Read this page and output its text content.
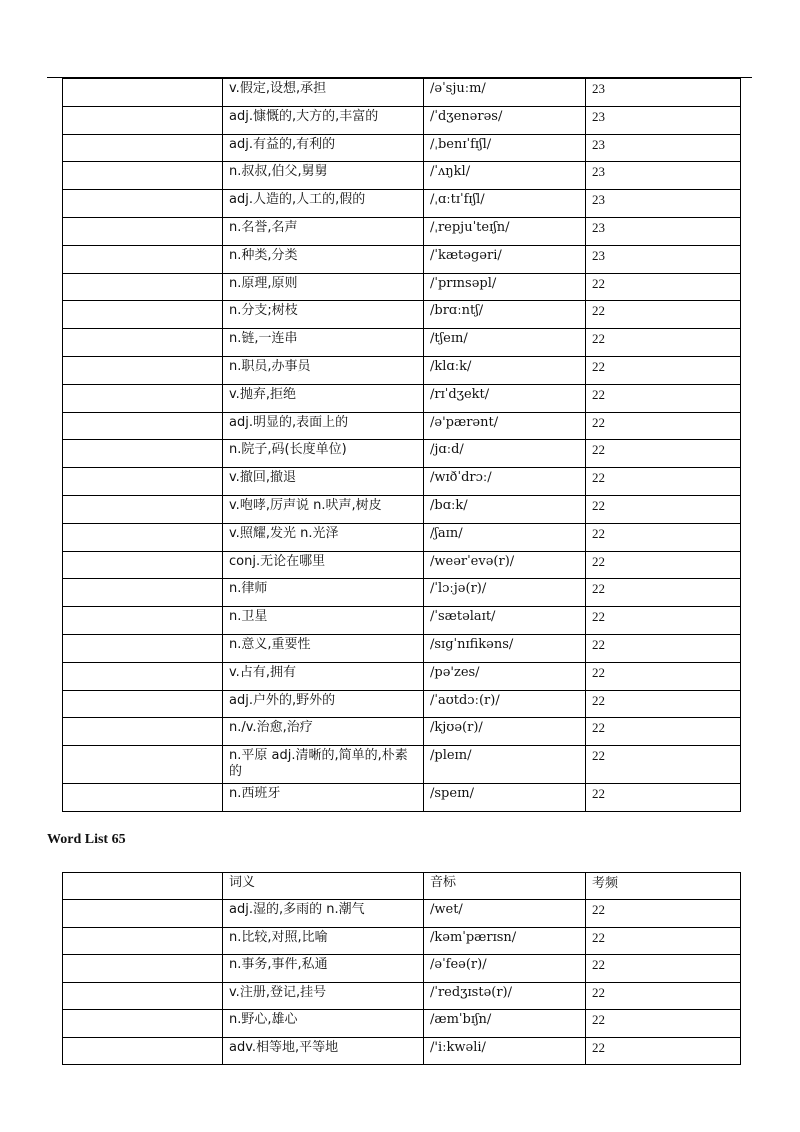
	v.假定,设想,承担	/əˈsjuːm/	23
	adj.慷慨的,大方的,丰富的	/ˈdʒenərəs/	23
	adj.有益的,有利的	/ˌbenɪˈfɪʃl/	23
	n.叔叔,伯父,舅舅	/ˈʌŋkl/	23
	adj.人造的,人工的,假的	/ˌɑːtɪˈfɪʃl/	23
	n.名誉,名声	/ˌrepjuˈteɪʃn/	23
	n.种类,分类	/ˈkætəgəri/	23
	n.原理,原则	/ˈprɪnsəpl/	22
	n.分支;树枝	/brɑːntʃ/	22
	n.链,一连串	/tʃeɪn/	22
	n.职员,办事员	/klɑːk/	22
	v.抛弃,拒绝	/rɪˈdʒekt/	22
	adj.明显的,表面上的	/ə'pærənt/	22
	n.院子,码(长度单位)	/jɑːd/	22
	v.撤回,撤退	/wɪðˈdrɔː/	22
	v.咆哮,厉声说 n.吠声,树皮	/bɑːk/	22
	v.照耀,发光 n.光泽	/ʃaɪn/	22
	conj.无论在哪里	/weərˈevə(r)/	22
	n.律师	/ˈlɔːjə(r)/	22
	n.卫星	/ˈsætəlaɪt/	22
	n.意义,重要性	/sɪgˈnɪfikəns/	22
	v.占有,拥有	/pə'zes/	22
	adj.户外的,野外的	/ˈaʊtdɔː(r)/	22
	n./v.治愈,治疗	/kjʊə(r)/	22
	n.平原 adj.清晰的,简单的,朴素的	/pleɪn/	22
	n.西班牙	/speɪn/	22
Word List 65
	词义	音标	考频
	adj.湿的,多雨的 n.潮气	/wet/	22
	n.比较,对照,比喻	/kəmˈpærɪsn/	22
	n.事务,事件,私通	/əˈfeə(r)/	22
	v.注册,登记,挂号	/ˈredʒɪstə(r)/	22
	n.野心,雄心	/æmˈbɪʃn/	22
	adv.相等地,平等地	/'iːkwəli/	22
